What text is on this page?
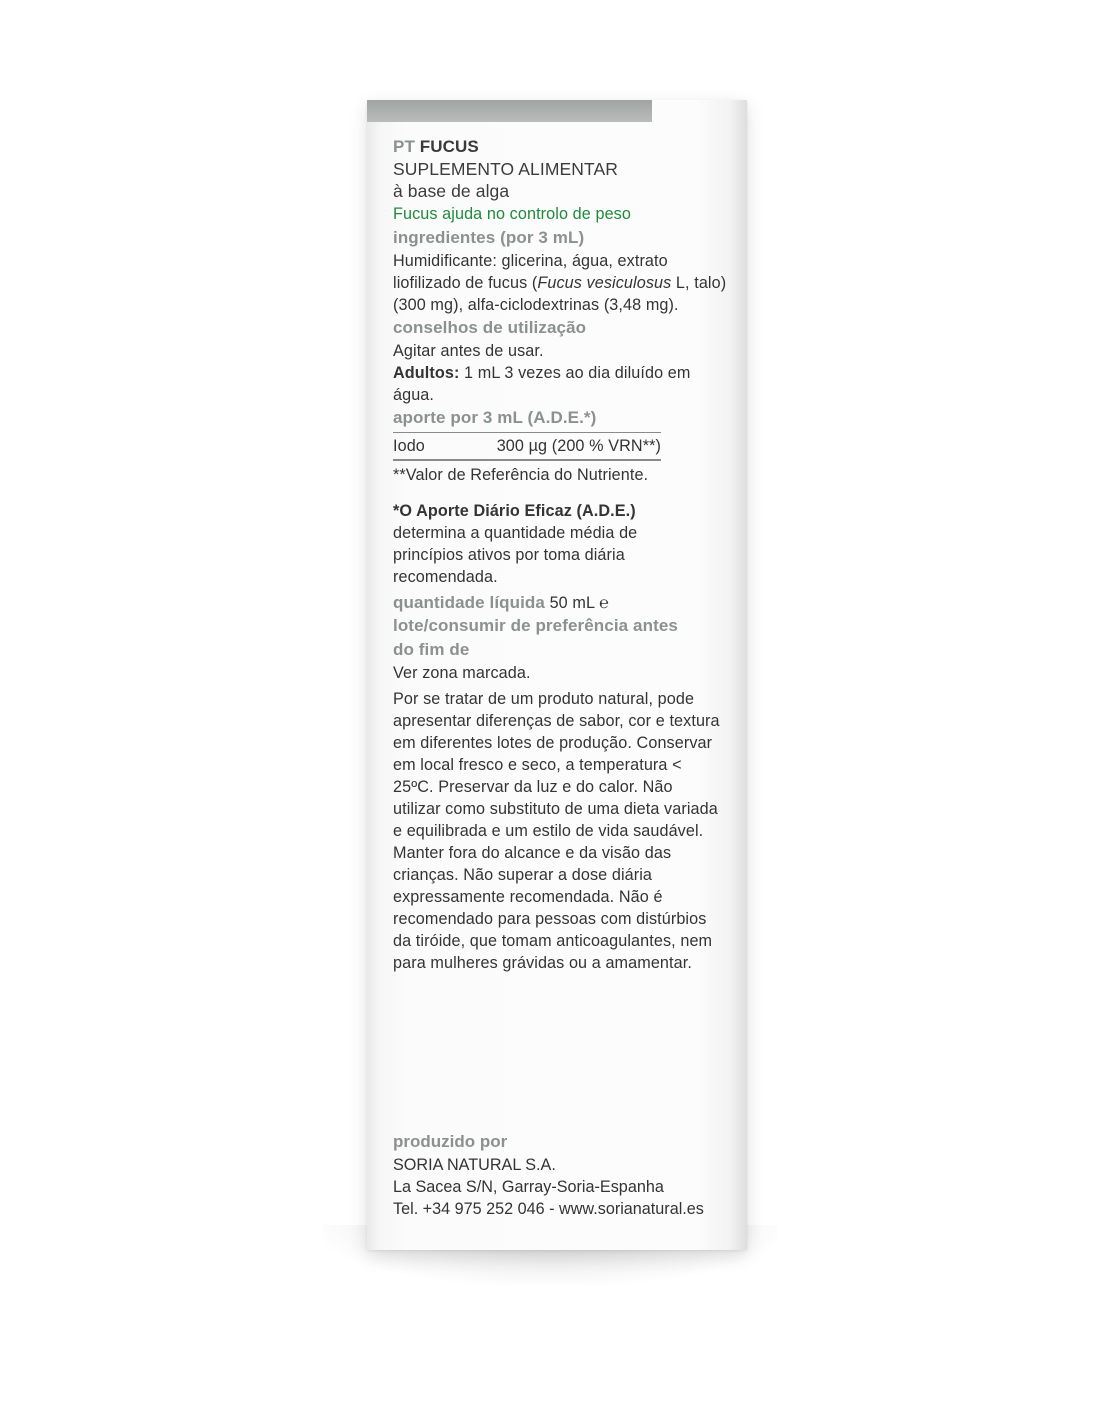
PT FUCUS
SUPLEMENTO ALIMENTAR
à base de alga
Fucus ajuda no controlo de peso
ingredientes (por 3 mL)
Humidificante: glicerina, água, extrato liofilizado de fucus (Fucus vesiculosus L, talo) (300 mg), alfa-ciclodextrinas (3,48 mg).
conselhos de utilização
Agitar antes de usar.
Adultos: 1 mL 3 vezes ao dia diluído em água.
aporte por 3 mL (A.D.E.*)
Iodo	300 µg (200 % VRN**)
**Valor de Referência do Nutriente.
*O Aporte Diário Eficaz (A.D.E.)
determina a quantidade média de princípios ativos por toma diária recomendada.
quantidade líquida 50 mL ℮
lote/consumir de preferência antes do fim de
Ver zona marcada.
Por se tratar de um produto natural, pode apresentar diferenças de sabor, cor e textura em diferentes lotes de produção. Conservar em local fresco e seco, a temperatura < 25ºC. Preservar da luz e do calor. Não utilizar como substituto de uma dieta variada e equilibrada e um estilo de vida saudável. Manter fora do alcance e da visão das crianças. Não superar a dose diária expressamente recomendada. Não é recomendado para pessoas com distúrbios da tiróide, que tomam anticoagulantes, nem para mulheres grávidas ou a amamentar.
produzido por
SORIA NATURAL S.A.
La Sacea S/N, Garray-Soria-Espanha
Tel. +34 975 252 046 - www.sorianatural.es
